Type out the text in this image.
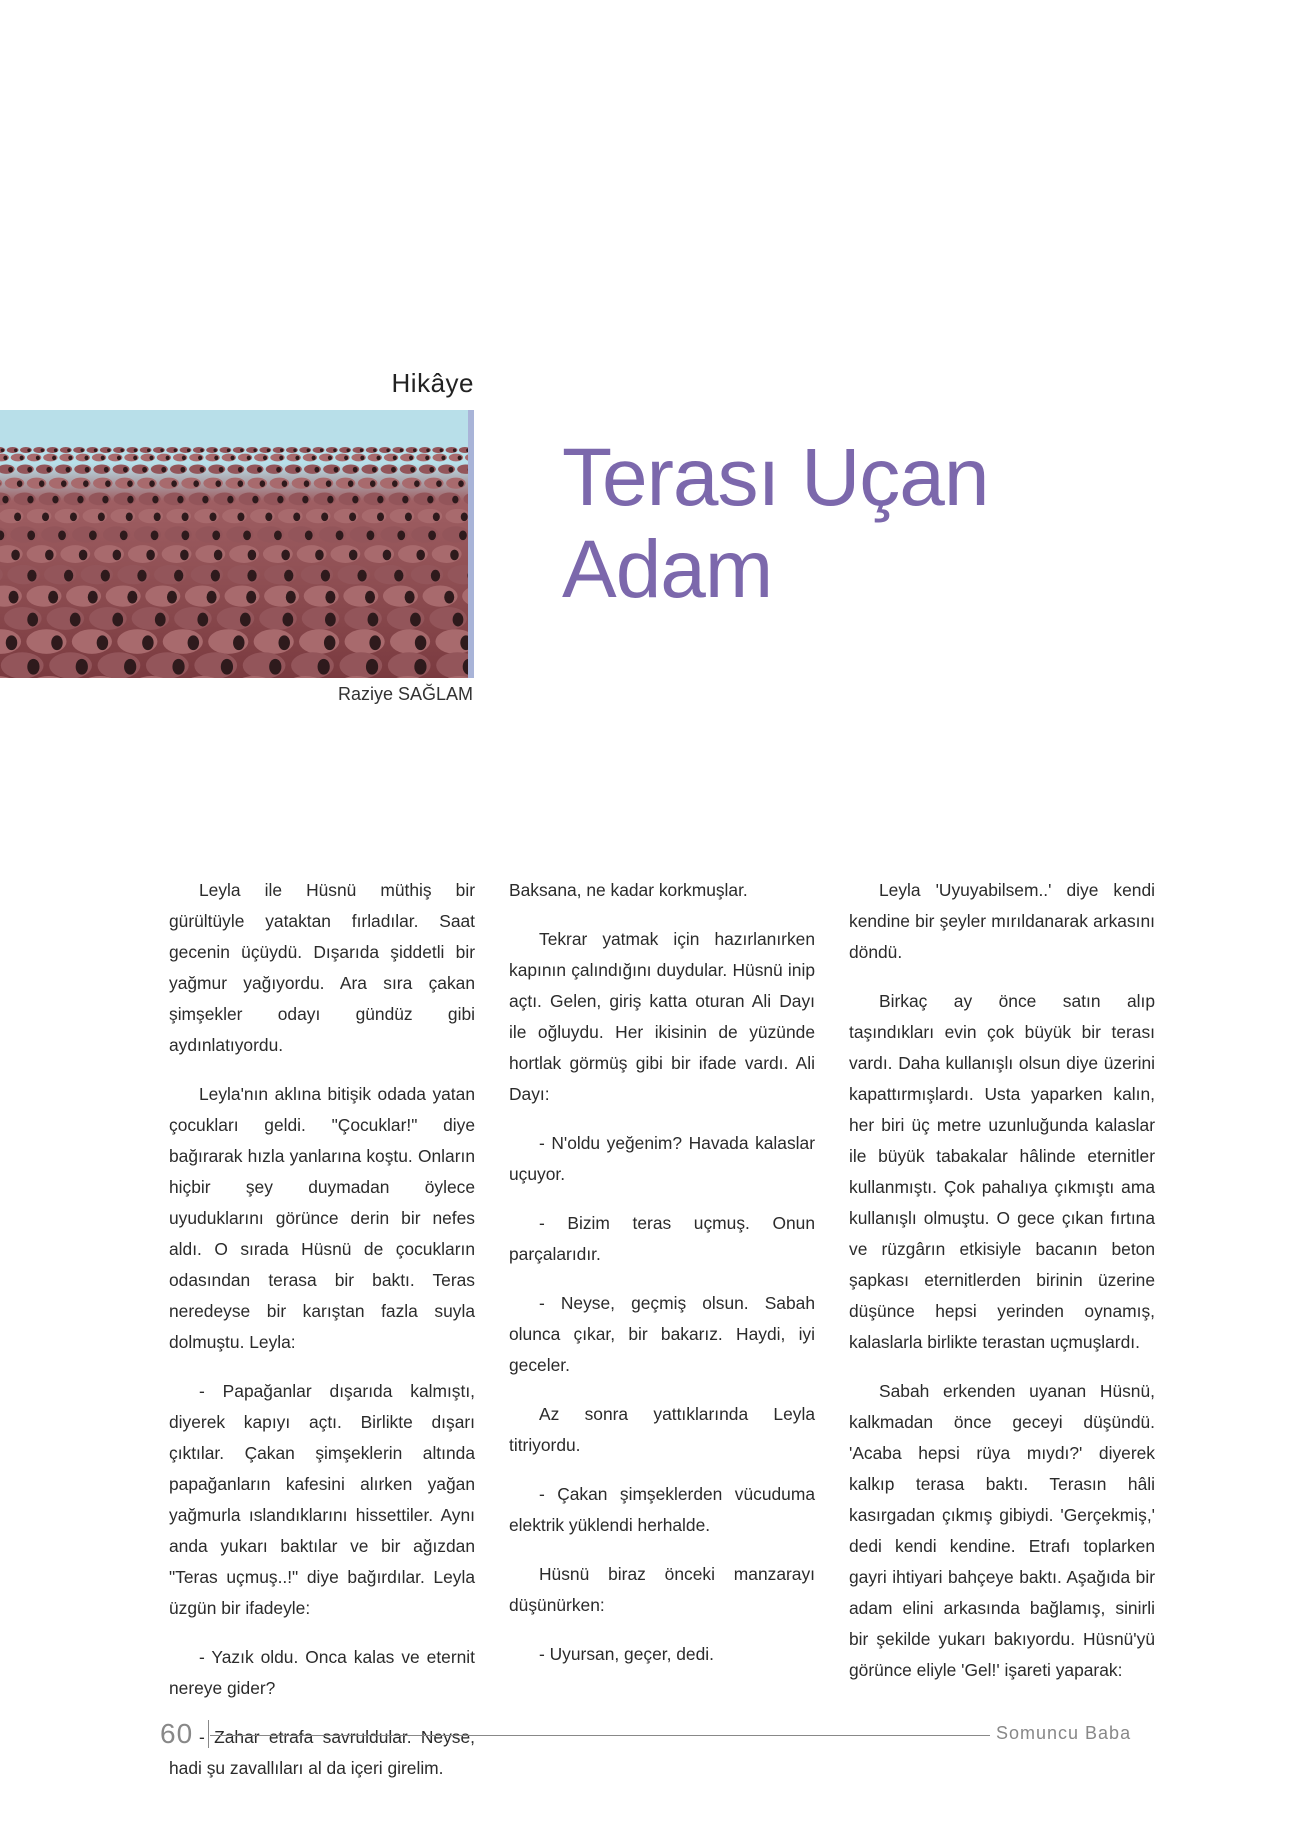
Hikâye
Terası Uçan
Adam
Raziye SAĞLAM

Leyla ile Hüsnü müthiş bir gürültüyle yataktan fırladılar. Saat gecenin üçüydü. Dışarıda şiddetli bir yağmur yağıyordu. Ara sıra çakan şimşekler odayı gündüz gibi aydınlatıyordu.

Leyla'nın aklına bitişik odada yatan çocukları geldi. "Çocuklar!" diye bağırarak hızla yanlarına koştu. Onların hiçbir şey duymadan öylece uyuduklarını görünce derin bir nefes aldı. O sırada Hüsnü de çocukların odasından terasa bir baktı. Teras neredeyse bir karıştan fazla suyla dolmuştu. Leyla:

- Papağanlar dışarıda kalmıştı, diyerek kapıyı açtı. Birlikte dışarı çıktılar. Çakan şimşeklerin altında papağanların kafesini alırken yağan yağmurla ıslandıklarını hissettiler. Aynı anda yukarı baktılar ve bir ağızdan "Teras uçmuş..!" diye bağırdılar. Leyla üzgün bir ifadeyle:

- Yazık oldu. Onca kalas ve eternit nereye gider?

- Zahar etrafa savruldular. Neyse, hadi şu zavallıları al da içeri girelim.

Baksana, ne kadar korkmuşlar.

Tekrar yatmak için hazırlanırken kapının çalındığını duydular. Hüsnü inip açtı. Gelen, giriş katta oturan Ali Dayı ile oğluydu. Her ikisinin de yüzünde hortlak görmüş gibi bir ifade vardı. Ali Dayı:

- N'oldu yeğenim? Havada kalaslar uçuyor.

- Bizim teras uçmuş. Onun parçalarıdır.

- Neyse, geçmiş olsun. Sabah olunca çıkar, bir bakarız. Haydi, iyi geceler.

Az sonra yattıklarında Leyla titriyordu.

- Çakan şimşeklerden vücuduma elektrik yüklendi herhalde.

Hüsnü biraz önceki manzarayı düşünürken:

- Uyursan, geçer, dedi.

Leyla 'Uyuyabilsem..' diye kendi kendine bir şeyler mırıldanarak arkasını döndü.

Birkaç ay önce satın alıp taşındıkları evin çok büyük bir terası vardı. Daha kullanışlı olsun diye üzerini kapattırmışlardı. Usta yaparken kalın, her biri üç metre uzunluğunda kalaslar ile büyük tabakalar hâlinde eternitler kullanmıştı. Çok pahalıya çıkmıştı ama kullanışlı olmuştu. O gece çıkan fırtına ve rüzgârın etkisiyle bacanın beton şapkası eternitlerden birinin üzerine düşünce hepsi yerinden oynamış, kalaslarla birlikte terastan uçmuşlardı.

Sabah erkenden uyanan Hüsnü, kalkmadan önce geceyi düşündü. 'Acaba hepsi rüya mıydı?' diyerek kalkıp terasa baktı. Terasın hâli kasırgadan çıkmış gibiydi. 'Gerçekmiş,' dedi kendi kendine. Etrafı toplarken gayri ihtiyari bahçeye baktı. Aşağıda bir adam elini arkasında bağlamış, sinirli bir şekilde yukarı bakıyordu. Hüsnü'yü görünce eliyle 'Gel!' işareti yaparak:

60	Somuncu Baba
